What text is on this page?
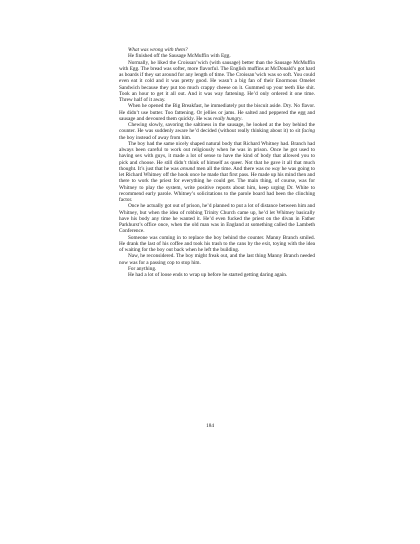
What was wrong with them?

He finished off the Sausage McMuffin with Egg.

Normally, he liked the Croissan’wich (with sausage) better than the Sausage McMuffin with Egg. The bread was softer, more flavorful. The English muffins at McDonald’s got hard as boards if they sat around for any length of time. The Croissan’wich was so soft. You could even eat it cold and it was pretty good. He wasn’t a big fan of their Enormous Omelet Sandwich because they put too much crappy cheese on it. Gummed up your teeth like shit. Took an hour to get it all out. And it was way fattening. He’d only ordered it one time. Threw half of it away.

When he opened the Big Breakfast, he immediately put the biscuit aside. Dry. No flavor. He didn’t use butter. Too fattening. Or jellies or jams. He salted and peppered the egg and sausage and devoured them quickly. He was really hungry.

Chewing slowly, savoring the saltiness in the sausage, he looked at the boy behind the counter. He was suddenly aware he’d decided (without really thinking about it) to sit facing the boy instead of away from him.

The boy had the same nicely shaped natural body that Richard Whitney had. Branch had always been careful to work out religiously when he was in prison. Once he got used to having sex with guys, it made a lot of sense to have the kind of body that allowed you to pick and choose. He still didn’t think of himself as queer. Not that he gave it all that much thought. It’s just that he was around men all the time. And there was no way he was going to let Richard Whitney off the hook once he made that first pass. He made up his mind then and there to work the priest for everything he could get. The main thing, of course, was for Whitney to play the system, write positive reports about him, keep urging Dr. White to recommend early parole. Whitney’s solicitations to the parole board had been the clinching factor.

Once he actually got out of prison, he’d planned to put a lot of distance between him and Whitney, but when the idea of robbing Trinity Church came up, he’d let Whitney basically have his body any time he wanted it. He’d even fucked the priest on the divan in Father Parkhurst’s office once, when the old man was in England at something called the Lambeth Conference.

Someone was coming in to replace the boy behind the counter. Manny Branch smiled. He drank the last of his coffee and took his trash to the cans by the exit, toying with the idea of waiting for the boy out back when he left the building.

Naw, he reconsidered. The boy might freak out, and the last thing Manny Branch needed now was for a passing cop to stop him.

For anything.

He had a lot of loose ends to wrap up before he started getting daring again.

184
